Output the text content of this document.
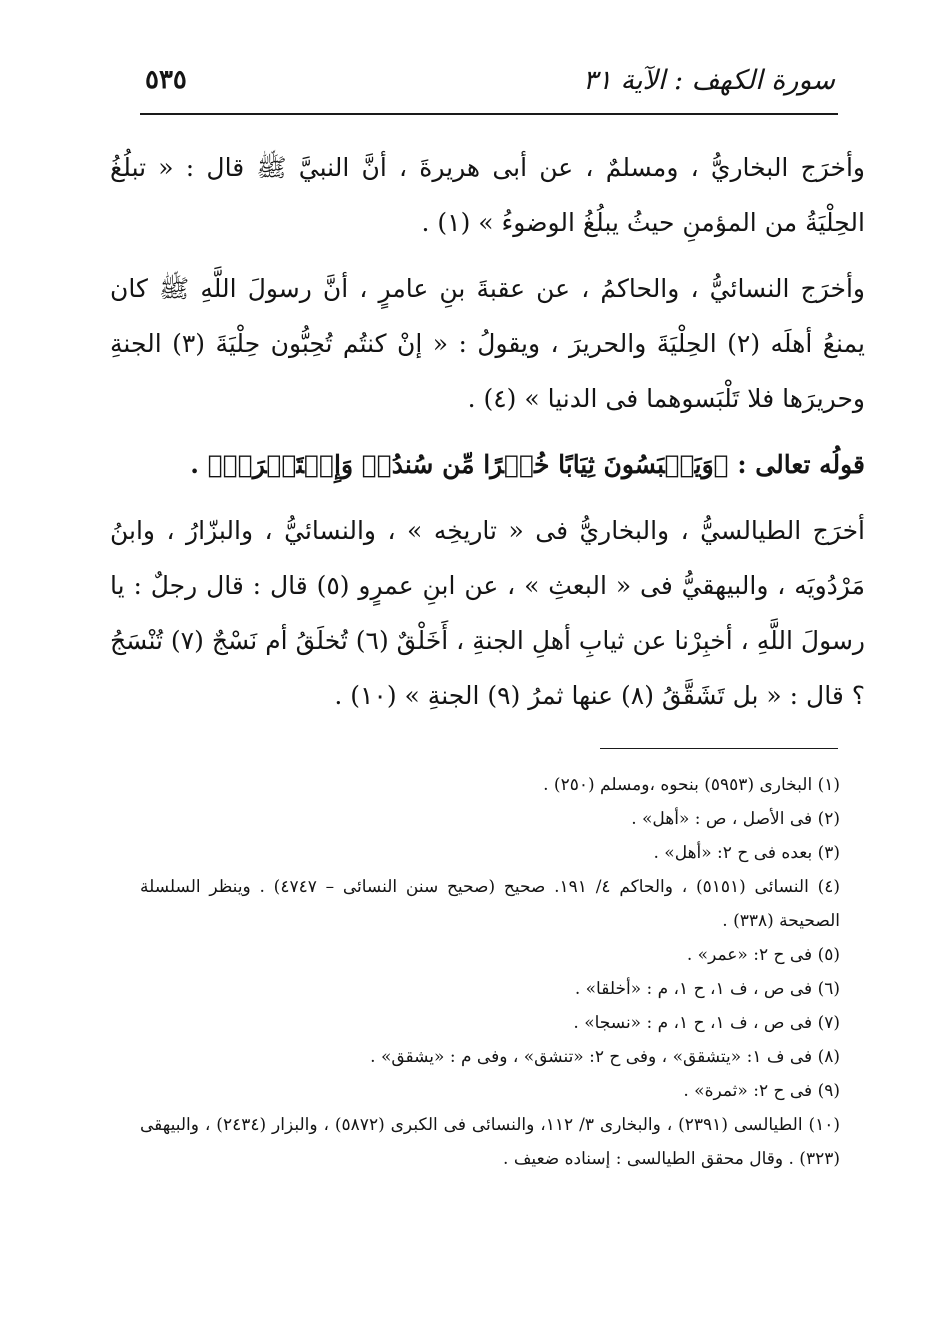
٥٣٥	سورة الكهف : الآية ٣١

وأخرَج البخاريُّ ، ومسلمٌ ، عن أبى هريرةَ ، أنَّ النبيَّ ﷺ قال : « تبلُغُ الحِلْيَةُ من المؤمنِ حيثُ يبلُغُ الوضوءُ » (١) .

وأخرَج النسائيُّ ، والحاكمُ ، عن عقبةَ بنِ عامرٍ ، أنَّ رسولَ اللَّهِ ﷺ كان يمنعُ أهلَه (٢) الحِلْيَةَ والحريرَ ، ويقولُ : « إنْ كنتُم تُحِبُّون حِلْيَةَ (٣) الجنةِ وحريرَها فلا تَلْبَسوهما فى الدنيا » (٤) .

قولُه تعالى : ﴿وَيَلۡبَسُونَ ثِيَابًا خُضۡرًا مِّن سُندُسٖ وَإِسۡتَبۡرَقٖ﴾ .

أخرَج الطيالسيُّ ، والبخاريُّ فى « تاريخِه » ، والنسائيُّ ، والبزّارُ ، وابنُ مَرْدُويَه ، والبيهقيُّ فى « البعثِ » ، عن ابنِ عمرٍو (٥) قال : قال رجلٌ : يا رسولَ اللَّهِ ، أخبِرْنا عن ثيابِ أهلِ الجنةِ ، أَخَلْقٌ (٦) تُخلَقُ أم نَسْجٌ (٧) تُنْسَجُ ؟ قال : « بل تَشَقَّقُ (٨) عنها ثمرُ (٩) الجنةِ » (١٠) .

(١) البخارى (٥٩٥٣) بنحوه ،ومسلم (٢٥٠) .
(٢) فى الأصل ، ص : «أهل» .
(٣) بعده فى ح ٢: «أهل» .
(٤) النسائى (٥١٥١) ، والحاكم ٤/ ١٩١. صحيح (صحيح سنن النسائى – ٤٧٤٧) . وينظر السلسلة الصحيحة (٣٣٨) .
(٥) فى ح ٢: «عمر» .
(٦) فى ص ، ف ١، ح ١، م : «أخلقا» .
(٧) فى ص ، ف ١، ح ١، م : «نسجا» .
(٨) فى ف ١: «يتشقق» ، وفى ح ٢: «تنشق» ، وفى م : «يشقق» .
(٩) فى ح ٢: «ثمرة» .
(١٠) الطيالسى (٢٣٩١) ، والبخارى ٣/ ١١٢، والنسائى فى الكبرى (٥٨٧٢) ، والبزار (٢٤٣٤) ، والبيهقى (٣٢٣) . وقال محقق الطيالسى : إسناده ضعيف .
